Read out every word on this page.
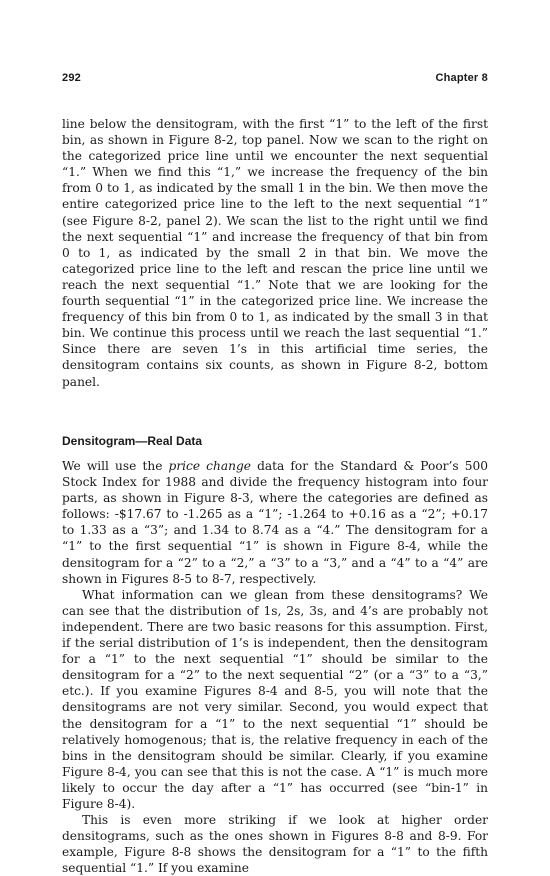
292	Chapter 8

line below the densitogram, with the first “1” to the left of the first bin, as shown in Figure 8-2, top panel. Now we scan to the right on the categorized price line until we encounter the next sequential “1.” When we find this “1,” we increase the frequency of the bin from 0 to 1, as indicated by the small 1 in the bin. We then move the entire categorized price line to the left to the next sequential “1” (see Figure 8-2, panel 2). We scan the list to the right until we find the next sequential “1” and increase the frequency of that bin from 0 to 1, as indicated by the small 2 in that bin. We move the categorized price line to the left and rescan the price line until we reach the next sequential “1.” Note that we are looking for the fourth sequential “1” in the categorized price line. We increase the frequency of this bin from 0 to 1, as indicated by the small 3 in that bin. We continue this process until we reach the last sequential “1.” Since there are seven 1’s in this artificial time series, the densitogram contains six counts, as shown in Figure 8-2, bottom panel.

Densitogram—Real Data

We will use the price change data for the Standard & Poor’s 500 Stock Index for 1988 and divide the frequency histogram into four parts, as shown in Figure 8-3, where the categories are defined as follows: -$17.67 to -1.265 as a “1”; -1.264 to +0.16 as a “2”; +0.17 to 1.33 as a “3”; and 1.34 to 8.74 as a “4.” The densitogram for a “1” to the first sequential “1” is shown in Figure 8-4, while the densitogram for a “2” to a “2,” a “3” to a “3,” and a “4” to a “4” are shown in Figures 8-5 to 8-7, respectively.

What information can we glean from these densitograms? We can see that the distribution of 1s, 2s, 3s, and 4’s are probably not independent. There are two basic reasons for this assumption. First, if the serial distribution of 1’s is independent, then the densitogram for a “1” to the next sequential “1” should be similar to the densitogram for a “2” to the next sequential “2” (or a “3” to a “3,” etc.). If you examine Figures 8-4 and 8-5, you will note that the densitograms are not very similar. Second, you would expect that the densitogram for a “1” to the next sequential “1” should be relatively homogenous; that is, the relative frequency in each of the bins in the densitogram should be similar. Clearly, if you examine Figure 8-4, you can see that this is not the case. A “1” is much more likely to occur the day after a “1” has occurred (see “bin-1” in Figure 8-4).

This is even more striking if we look at higher order densitograms, such as the ones shown in Figures 8-8 and 8-9. For example, Figure 8-8 shows the densitogram for a “1” to the fifth sequential “1.” If you examine
